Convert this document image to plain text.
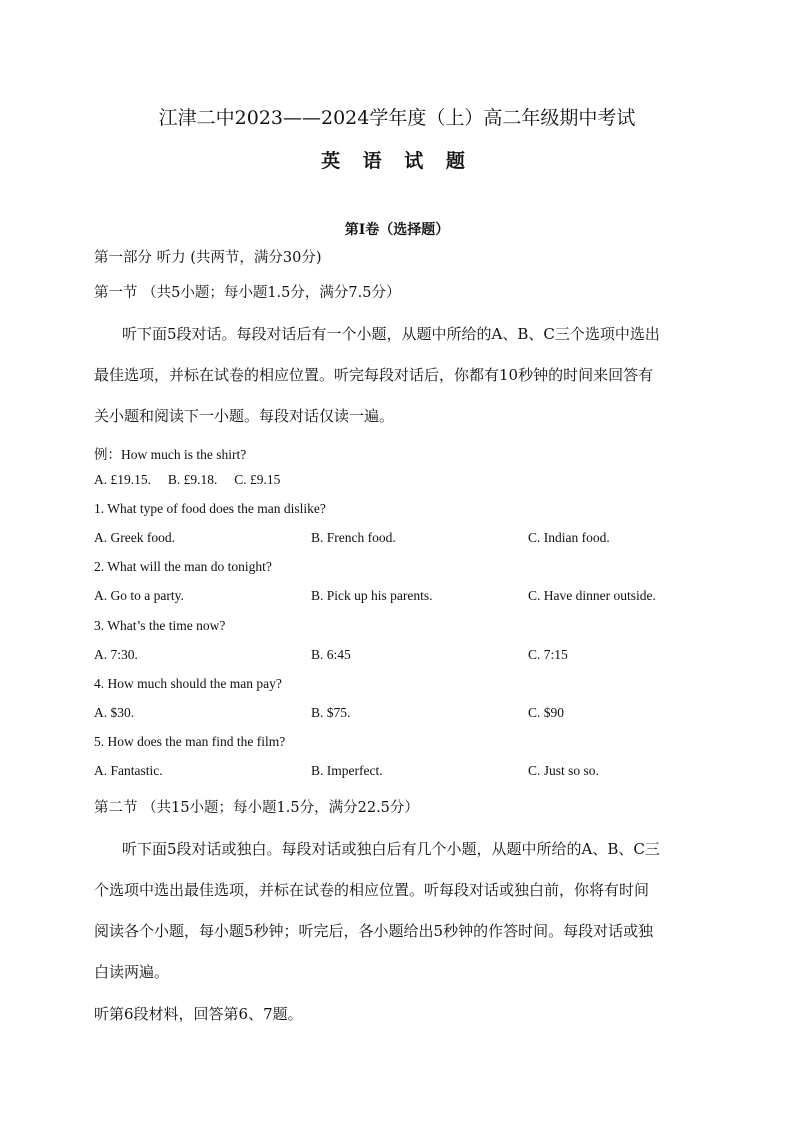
江津二中2023——2024学年度（上）高二年级期中考试
英 语 试 题
第I卷（选择题）
第一部分 听力 (共两节，满分30分)
第一节 （共5小题；每小题1.5分，满分7.5分）
听下面5段对话。每段对话后有一个小题，从题中所给的A、B、C三个选项中选出
最佳选项，并标在试卷的相应位置。听完每段对话后，你都有10秒钟的时间来回答有
关小题和阅读下一小题。每段对话仅读一遍。
例：How much is the shirt?
A. £19.15.     B. £9.18.     C. £9.15
1. What type of food does the man dislike?
A. Greek food.	B. French food.	C. Indian food.
2. What will the man do tonight?
A. Go to a party.	B. Pick up his parents.	C. Have dinner outside.
3. What’s the time now?
A. 7:30.	B. 6:45	C. 7:15
4. How much should the man pay?
A. $30.	B. $75.	C. $90
5. How does the man find the film?
A. Fantastic.	B. Imperfect.	C. Just so so.
第二节 （共15小题；每小题1.5分，满分22.5分）
听下面5段对话或独白。每段对话或独白后有几个小题，从题中所给的A、B、C三
个选项中选出最佳选项，并标在试卷的相应位置。听每段对话或独白前，你将有时间
阅读各个小题，每小题5秒钟；听完后，各小题给出5秒钟的作答时间。每段对话或独
白读两遍。
听第6段材料，回答第6、7题。
